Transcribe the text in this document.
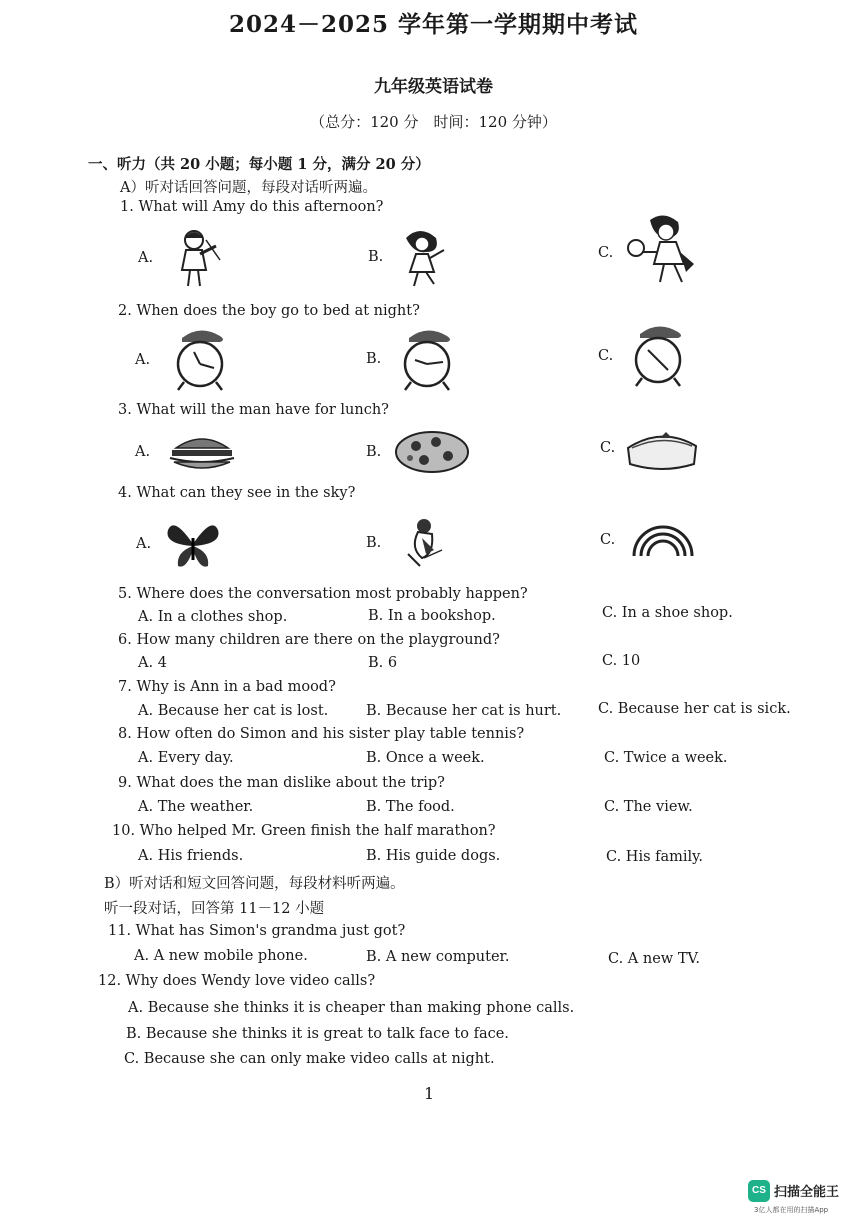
2024－2025 学年第一学期期中考试
九年级英语试卷
（总分：120 分　时间：120 分钟）
一、听力（共 20 小题；每小题 1 分，满分 20 分）
A）听对话回答问题，每段对话听两遍。
1. What will Amy do this afternoon?
A.	B.	C.
2. When does the boy go to bed at night?
A.	B.	C.
3. What will the man have for lunch?
A.	B.	C.
4. What can they see in the sky?
A.	B.	C.
5. Where does the conversation most probably happen?
A. In a clothes shop.	B. In a bookshop.	C. In a shoe shop.
6. How many children are there on the playground?
A. 4	B. 6	C. 10
7. Why is Ann in a bad mood?
A. Because her cat is lost.	B. Because her cat is hurt.	C. Because her cat is sick.
8. How often do Simon and his sister play table tennis?
A. Every day.	B. Once a week.	C. Twice a week.
9. What does the man dislike about the trip?
A. The weather.	B. The food.	C. The view.
10. Who helped Mr. Green finish the half marathon?
A. His friends.	B. His guide dogs.	C. His family.
B）听对话和短文回答问题，每段材料听两遍。
听一段对话，回答第 11－12 小题
11. What has Simon's grandma just got?
A. A new mobile phone.	B. A new computer.	C. A new TV.
12. Why does Wendy love video calls?
A. Because she thinks it is cheaper than making phone calls.
B. Because she thinks it is great to talk face to face.
C. Because she can only make video calls at night.
1
CS 扫描全能王
3亿人都在用的扫描App
